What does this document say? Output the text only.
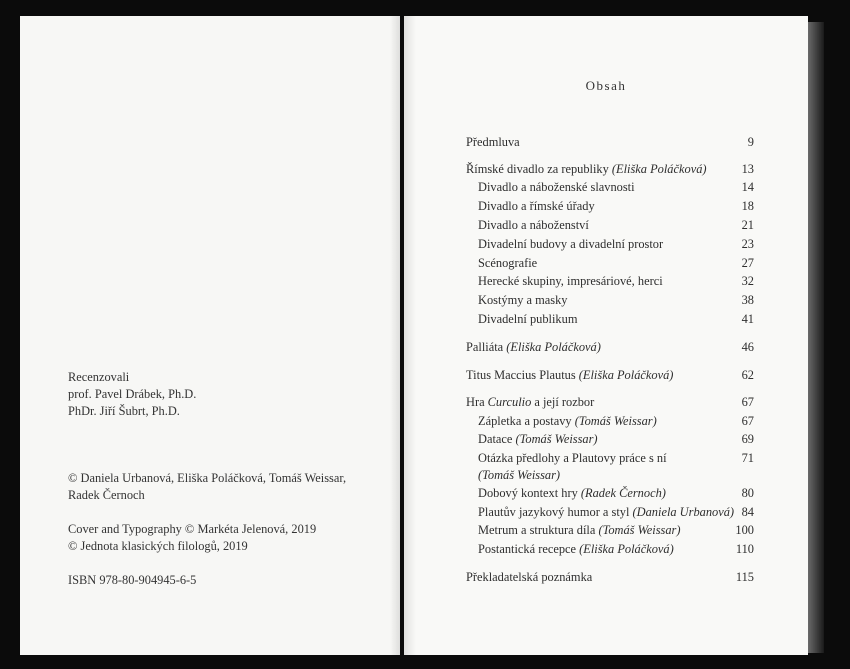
Recenzovali
prof. Pavel Drábek, Ph.D.
PhDr. Jiří Šubrt, Ph.D.
© Daniela Urbanová, Eliška Poláčková, Tomáš Weissar,
Radek Černoch
Cover and Typography © Markéta Jelenová, 2019
© Jednota klasických filologů, 2019
ISBN 978-80-904945-6-5
Obsah
Předmluva	9
Římské divadlo za republiky (Eliška Poláčková)	13
Divadlo a náboženské slavnosti	14
Divadlo a římské úřady	18
Divadlo a náboženství	21
Divadelní budovy a divadelní prostor	23
Scénografie	27
Herecké skupiny, impresáriové, herci	32
Kostýmy a masky	38
Divadelní publikum	41
Palliáta (Eliška Poláčková)	46
Titus Maccius Plautus (Eliška Poláčková)	62
Hra Curculio a její rozbor	67
Zápletka a postavy (Tomáš Weissar)	67
Datace (Tomáš Weissar)	69
Otázka předlohy a Plautovy práce s ní
(Tomáš Weissar)
71
Dobový kontext hry (Radek Černoch)	80
Plautův jazykový humor a styl (Daniela Urbanová) 84
Metrum a struktura díla (Tomáš Weissar)	100
Postantická recepce (Eliška Poláčková)	110
Překladatelská poznámka	115
